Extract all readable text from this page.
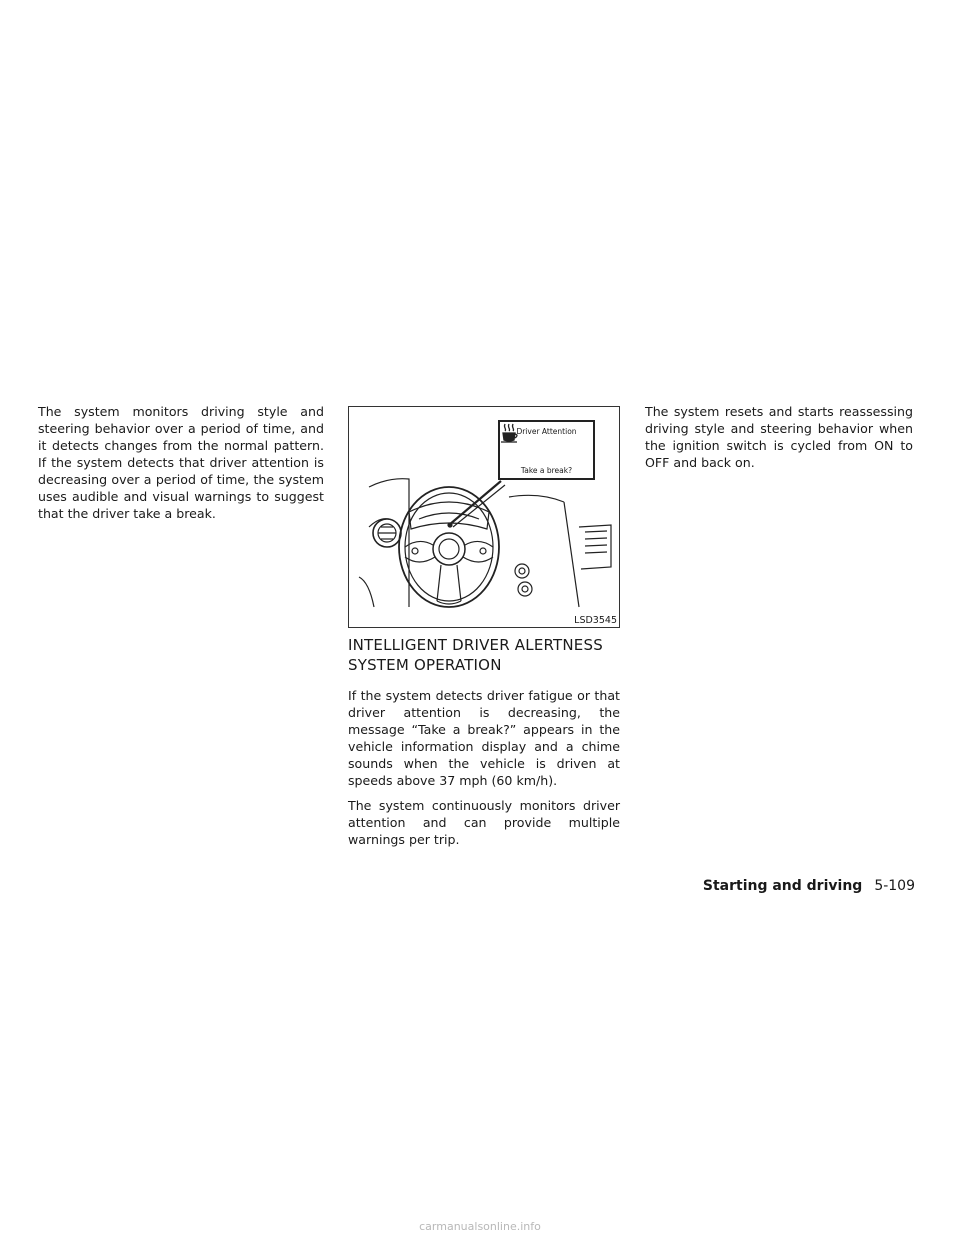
The system monitors driving style and steering behavior over a period of time, and it detects changes from the normal pattern. If the system detects that driver attention is decreasing over a period of time, the system uses audible and visual warnings to suggest that the driver take a break.

Driver Attention
Take a break?
LSD3545
INTELLIGENT DRIVER ALERTNESS SYSTEM OPERATION

If the system detects driver fatigue or that driver attention is decreasing, the message “Take a break?” appears in the vehicle information display and a chime sounds when the vehicle is driven at speeds above 37 mph (60 km/h).

The system continuously monitors driver attention and can provide multiple warnings per trip.

The system resets and starts reassessing driving style and steering behavior when the ignition switch is cycled from ON to OFF and back on.

Starting and driving 5-109
carmanualsonline.info
